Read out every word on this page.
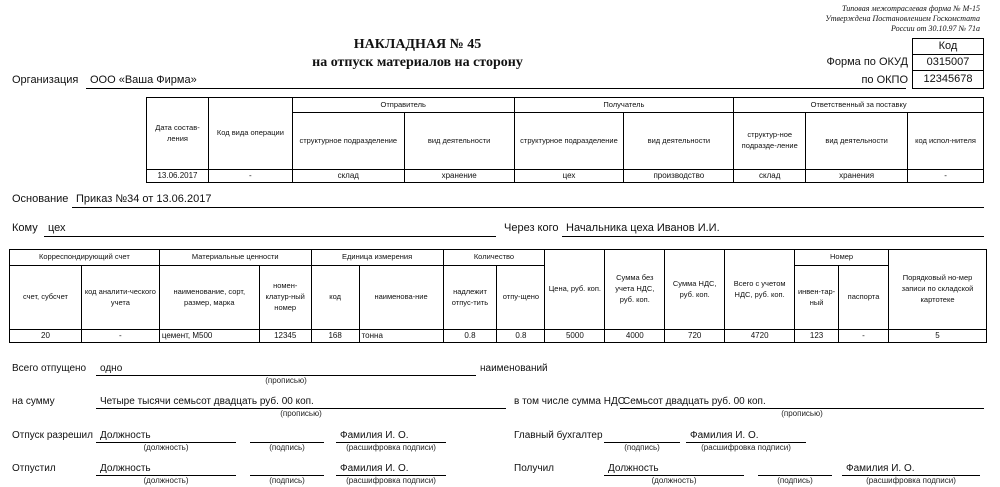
Типовая межотраслевая форма № М-15
Утверждена Постановлением Госкомстата
России от 30.10.97 № 71а
НАКЛАДНАЯ № 45
на отпуск материалов на сторону
Код
Форма по ОКУД	0315007
по ОКПО	12345678
Организация ООО «Ваша Фирма»
Дата состав-ления	Код вида операции	Отправитель		Получатель		Ответственный за поставку		
		структурное подразделение	вид деятельности	структурное подразделение	вид деятельности	структур-ное подразде-ление	вид деятельности	код испол-нителя
13.06.2017	-	склад	хранение	цех	производство	склад	хранения	-
Основание Приказ №34 от 13.06.2017
Кому цех	Через кого Начальника цеха Иванов И.И.
Корреспондирующий счет		Материальные ценности		Единица измерения		Количество		Цена, руб. коп.	Сумма без учета НДС, руб. коп.	Сумма НДС, руб. коп.	Всего с учетом НДС, руб. коп.	Номер		Порядковый но-мер записи по складской картотеке
счет, субсчет	код аналити-ческого учета	наименование, сорт, размер, марка	номен-клатур-ный номер	код	наименова-ние	надлежит отпус-тить	отпу-щено					инвен-тар-ный	паспорта	
20	-	цемент, М500	12345	168	тонна	0.8	0.8	5000	4000	720	4720	123	-	5
Всего отпущено одно
(прописью)
наименований
на сумму	Четыре тысячи семьсот двадцать руб. 00 коп.
(прописью)
в том числе сумма НДС
Семьсот двадцать руб. 00 коп.
(прописью)
Отпуск разрешил Должность
(должность)	(подпись)
Фамилия И. О.
(расшифровка подписи)
Главный бухгалтер
(подпись)
Фамилия И. О.
(расшифровка подписи)
Отпустил	Должность
(должность)	(подпись)
Фамилия И. О.
(расшифровка подписи)
Получил	Должность
(должность)	(подпись)
Фамилия И. О.
(расшифровка подписи)
